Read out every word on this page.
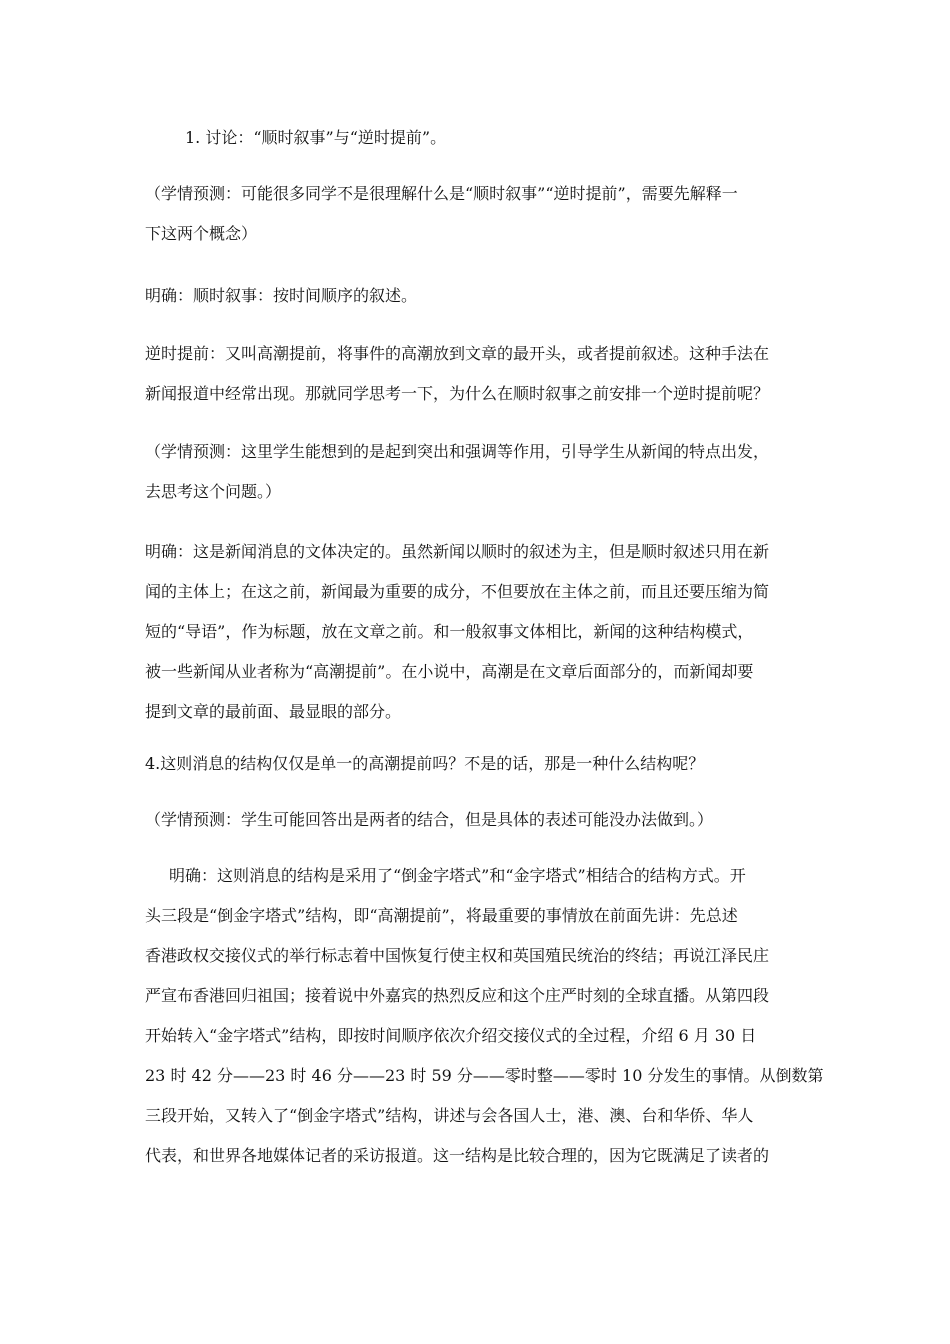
1. 讨论：“顺时叙事”与“逆时提前”。
（学情预测：可能很多同学不是很理解什么是“顺时叙事”“逆时提前”，需要先解释一
下这两个概念）
明确：顺时叙事：按时间顺序的叙述。
逆时提前：又叫高潮提前，将事件的高潮放到文章的最开头，或者提前叙述。这种手法在
新闻报道中经常出现。那就同学思考一下，为什么在顺时叙事之前安排一个逆时提前呢？
（学情预测：这里学生能想到的是起到突出和强调等作用，引导学生从新闻的特点出发，
去思考这个问题。）
明确：这是新闻消息的文体决定的。虽然新闻以顺时的叙述为主，但是顺时叙述只用在新
闻的主体上；在这之前，新闻最为重要的成分，不但要放在主体之前，而且还要压缩为简
短的“导语”，作为标题，放在文章之前。和一般叙事文体相比，新闻的这种结构模式，
被一些新闻从业者称为“高潮提前”。在小说中，高潮是在文章后面部分的，而新闻却要
提到文章的最前面、最显眼的部分。
4.这则消息的结构仅仅是单一的高潮提前吗？不是的话，那是一种什么结构呢？
（学情预测：学生可能回答出是两者的结合，但是具体的表述可能没办法做到。）
明确：这则消息的结构是采用了“倒金字塔式”和“金字塔式”相结合的结构方式。开
头三段是“倒金字塔式”结构，即“高潮提前”，将最重要的事情放在前面先讲：先总述
香港政权交接仪式的举行标志着中国恢复行使主权和英国殖民统治的终结；再说江泽民庄
严宣布香港回归祖国；接着说中外嘉宾的热烈反应和这个庄严时刻的全球直播。从第四段
开始转入“金字塔式”结构，即按时间顺序依次介绍交接仪式的全过程，介绍 6 月 30 日
23 时 42 分——23 时 46 分——23 时 59 分——零时整——零时 10 分发生的事情。从倒数第
三段开始，又转入了“倒金字塔式”结构，讲述与会各国人士，港、澳、台和华侨、华人
代表，和世界各地媒体记者的采访报道。这一结构是比较合理的，因为它既满足了读者的
